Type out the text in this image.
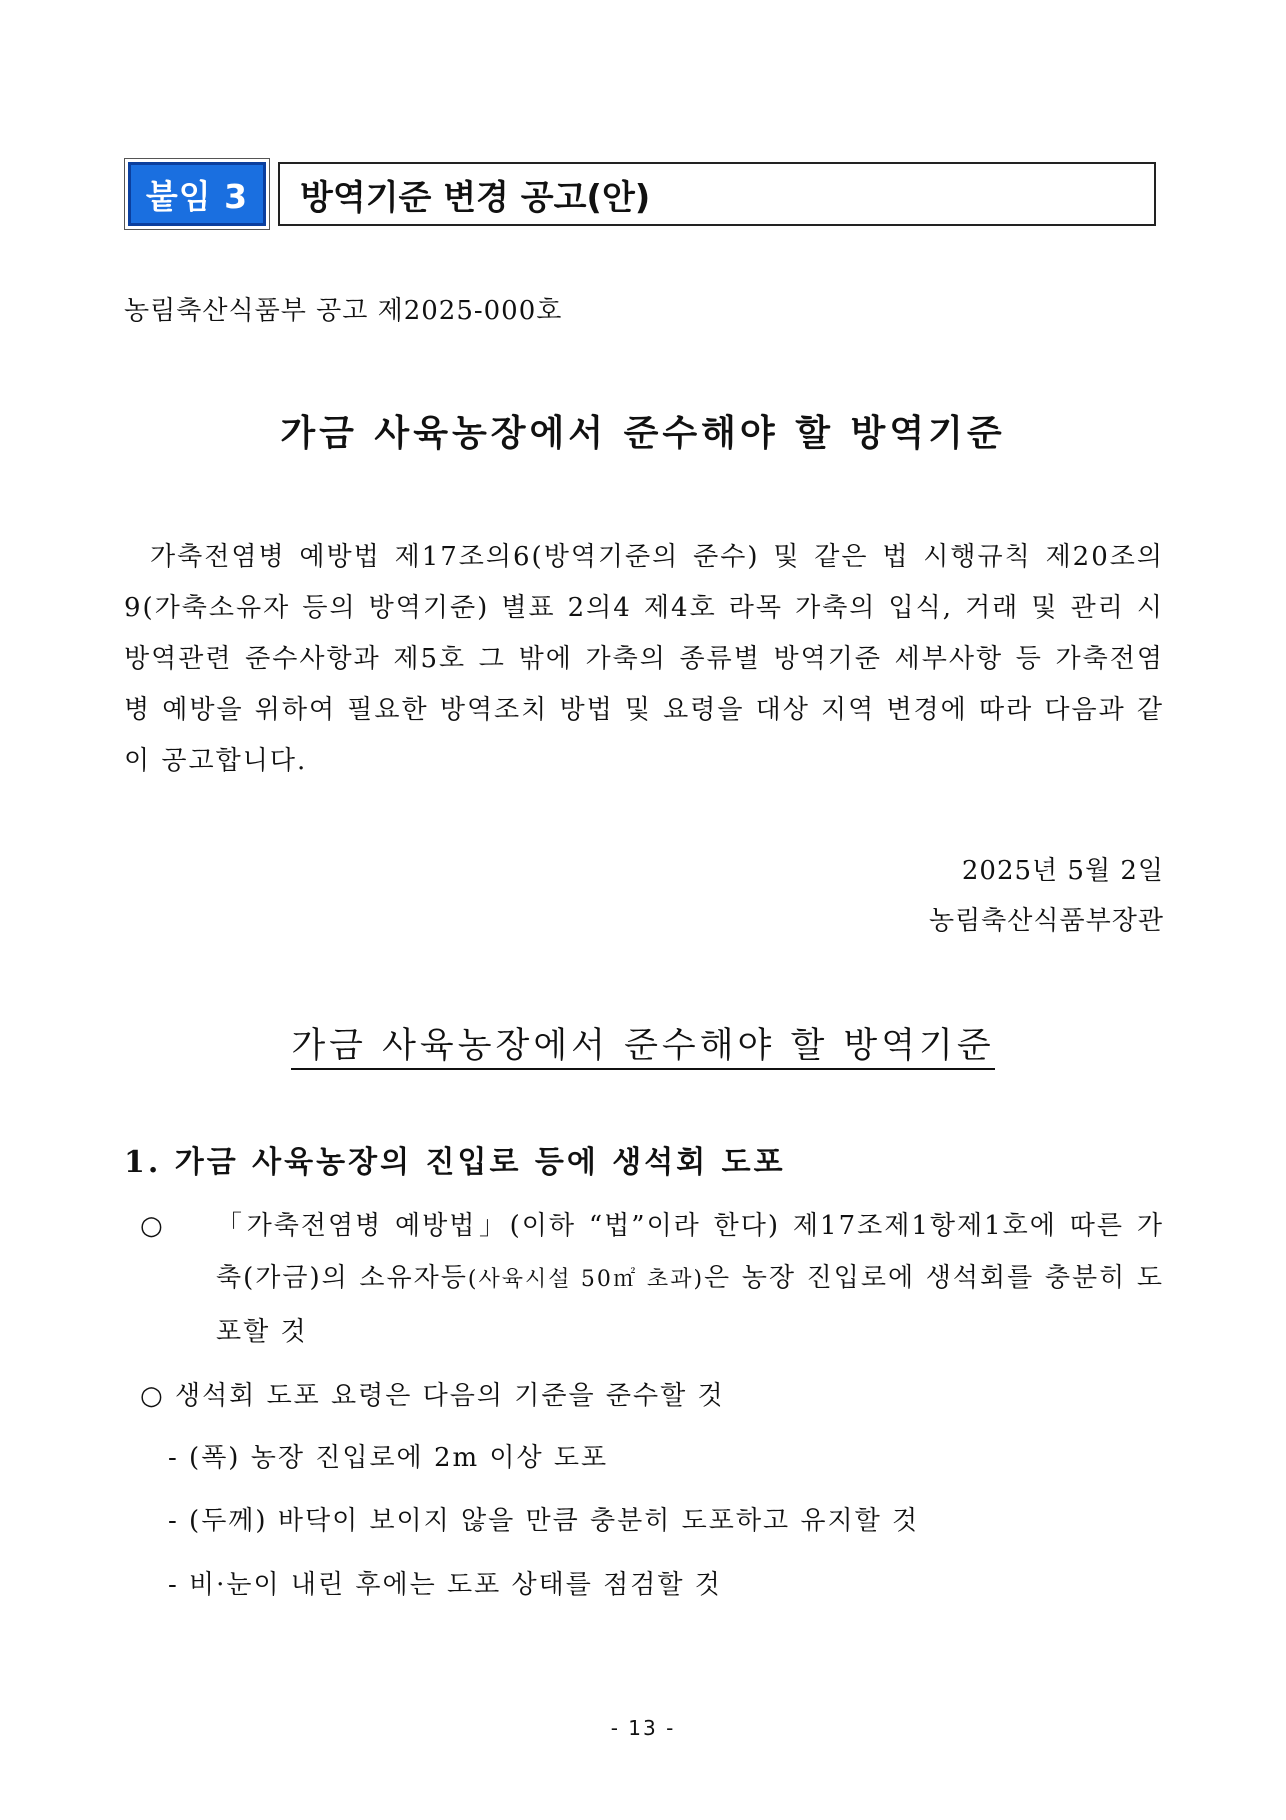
붙임 3	방역기준 변경 공고(안)
농림축산식품부 공고 제2025-000호
가금 사육농장에서 준수해야 할 방역기준

가축전염병 예방법 제17조의6(방역기준의 준수) 및 같은 법 시행규칙 제20조의9(가축소유자 등의 방역기준) 별표 2의4 제4호 라목 가축의 입식, 거래 및 관리 시 방역관련 준수사항과 제5호 그 밖에 가축의 종류별 방역기준 세부사항 등 가축전염병 예방을 위하여 필요한 방역조치 방법 및 요령을 대상 지역 변경에 따라 다음과 같이 공고합니다.

2025년 5월 2일
농림축산식품부장관
가금 사육농장에서 준수해야 할 방역기준
1. 가금 사육농장의 진입로 등에 생석회 도포
○ 「가축전염병 예방법」(이하 “법”이라 한다) 제17조제1항제1호에 따른 가축(가금)의 소유자등(사육시설 50㎡ 초과)은 농장 진입로에 생석회를 충분히 도포할 것
○ 생석회 도포 요령은 다음의 기준을 준수할 것
- (폭) 농장 진입로에 2m 이상 도포
- (두께) 바닥이 보이지 않을 만큼 충분히 도포하고 유지할 것
- 비·눈이 내린 후에는 도포 상태를 점검할 것
- 13 -
